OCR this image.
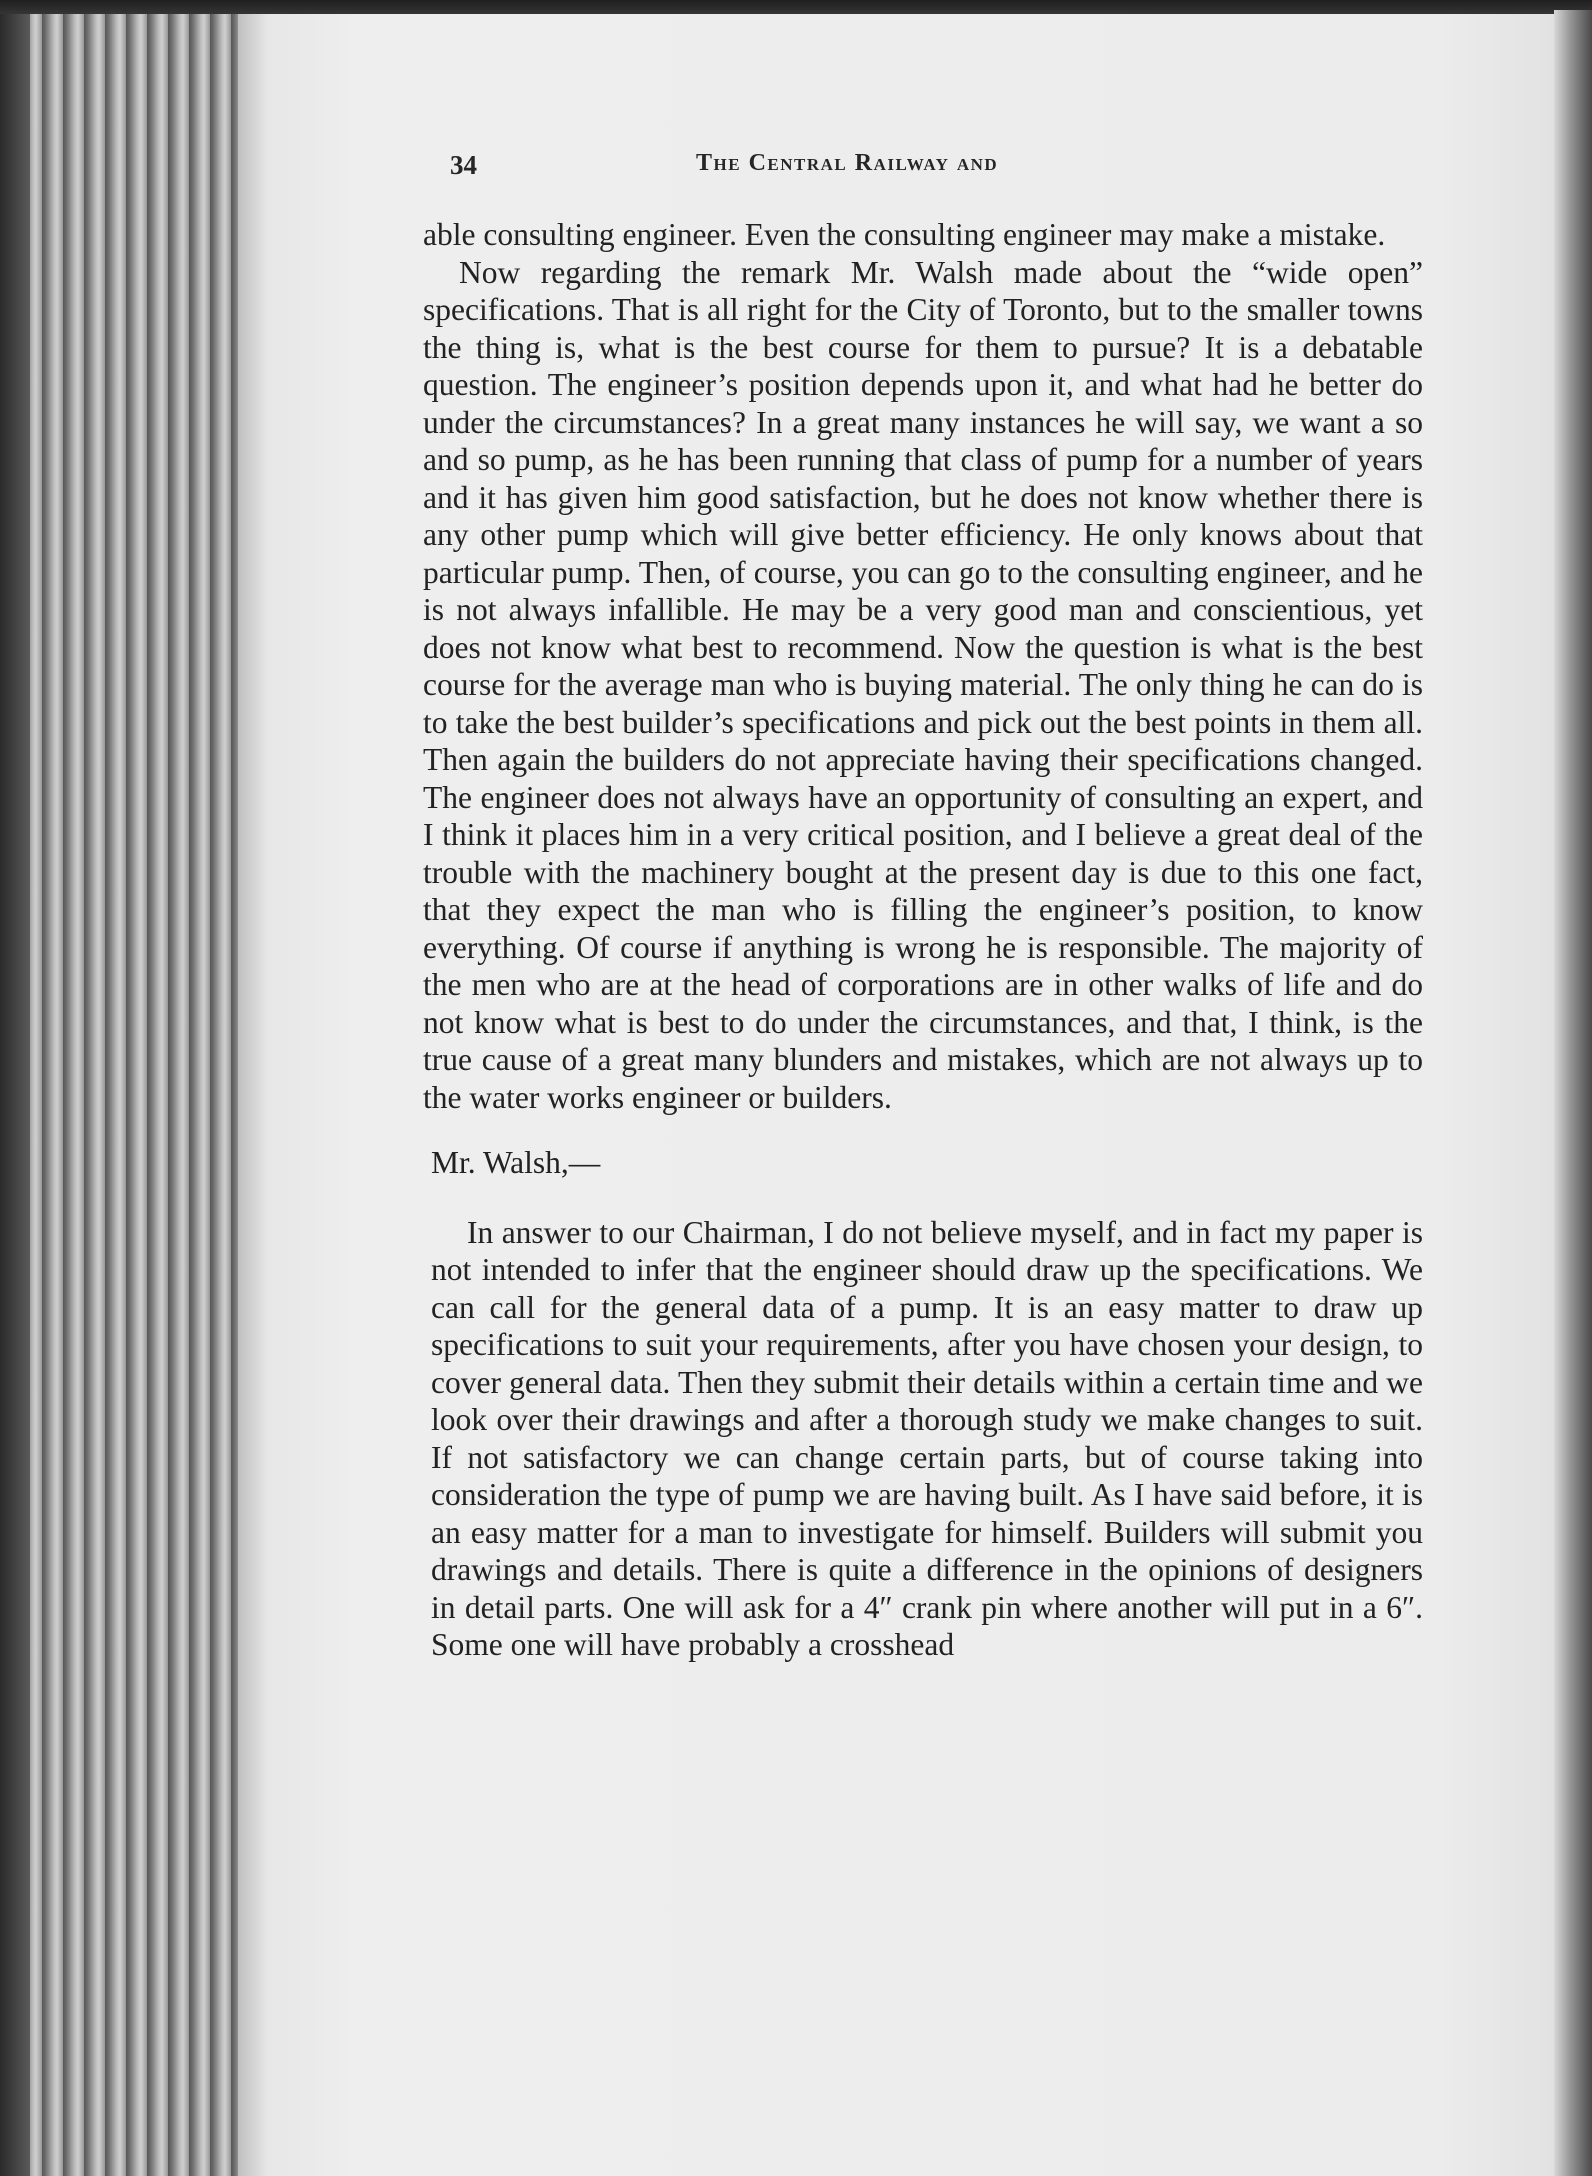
34	The Central Railway and

able consulting engineer. Even the consulting engineer may make a mistake.

Now regarding the remark Mr. Walsh made about the “wide open” specifications. That is all right for the City of Toronto, but to the smaller towns the thing is, what is the best course for them to pursue? It is a debatable question. The engineer’s position depends upon it, and what had he better do under the circumstances? In a great many instances he will say, we want a so and so pump, as he has been running that class of pump for a number of years and it has given him good satisfaction, but he does not know whether there is any other pump which will give better efficiency. He only knows about that particular pump. Then, of course, you can go to the consulting engineer, and he is not always infallible. He may be a very good man and conscientious, yet does not know what best to recommend. Now the question is what is the best course for the average man who is buying material. The only thing he can do is to take the best builder’s specifications and pick out the best points in them all. Then again the builders do not appreciate having their specifications changed. The engineer does not always have an opportunity of consulting an expert, and I think it places him in a very critical position, and I believe a great deal of the trouble with the machinery bought at the present day is due to this one fact, that they expect the man who is filling the engineer’s position, to know everything. Of course if anything is wrong he is responsible. The majority of the men who are at the head of corporations are in other walks of life and do not know what is best to do under the circumstances, and that, I think, is the true cause of a great many blunders and mistakes, which are not always up to the water works engineer or builders.

Mr. Walsh,—

In answer to our Chairman, I do not believe myself, and in fact my paper is not intended to infer that the engineer should draw up the specifications. We can call for the general data of a pump. It is an easy matter to draw up specifications to suit your requirements, after you have chosen your design, to cover general data. Then they submit their details within a certain time and we look over their drawings and after a thorough study we make changes to suit. If not satisfactory we can change certain parts, but of course taking into consideration the type of pump we are having built. As I have said before, it is an easy matter for a man to investigate for himself. Builders will submit you drawings and details. There is quite a difference in the opinions of designers in detail parts. One will ask for a 4″ crank pin where another will put in a 6″. Some one will have probably a crosshead
